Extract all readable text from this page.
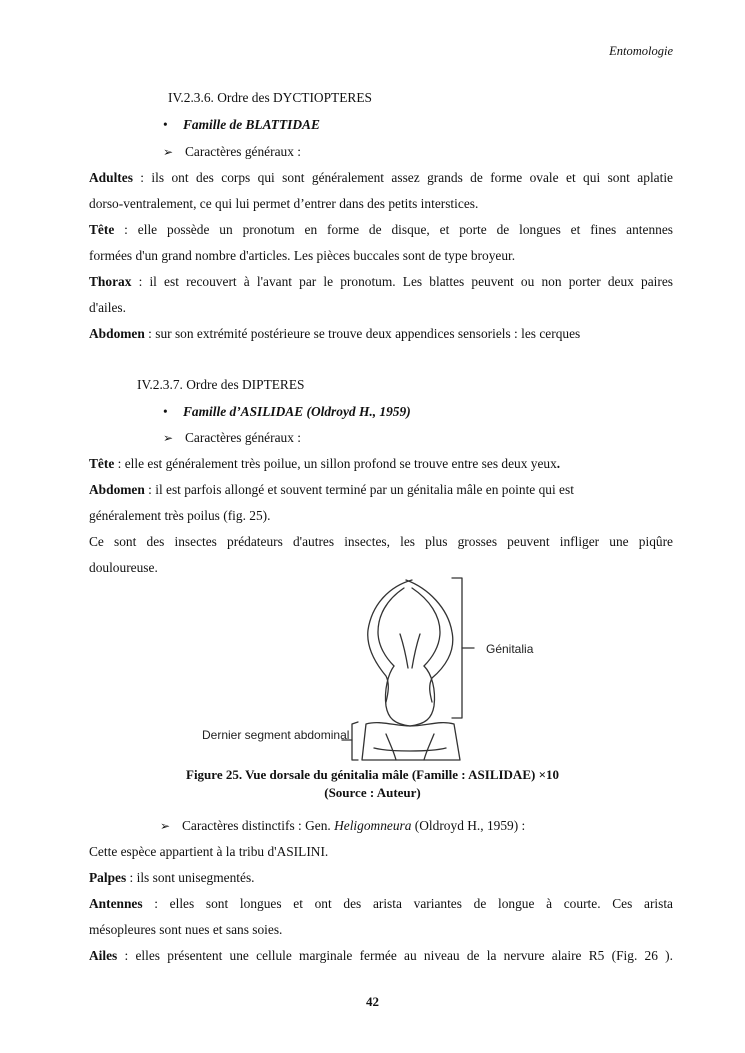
Entomologie
IV.2.3.6. Ordre des DYCTIOPTERES
• Famille de BLATTIDAE
➢ Caractères généraux :
Adultes : ils ont des corps qui sont généralement assez grands de forme ovale et qui sont aplatie
dorso-ventralement, ce qui lui permet d’entrer dans des petits interstices.
Tête : elle possède un pronotum en forme de disque, et porte de longues et fines antennes
formées d'un grand nombre d'articles. Les pièces buccales sont de type broyeur.
Thorax : il est recouvert à l'avant par le pronotum. Les blattes peuvent ou non porter deux paires
d'ailes.
Abdomen : sur son extrémité postérieure se trouve deux appendices sensoriels : les cerques
IV.2.3.7. Ordre des DIPTERES
• Famille d’ASILIDAE (Oldroyd H., 1959)
➢ Caractères généraux :
Tête : elle est généralement très poilue, un sillon profond se trouve entre ses deux yeux.
Abdomen : il est parfois allongé et souvent terminé par un génitalia mâle en pointe qui est
généralement très poilus (fig. 25).
Ce sont des insectes prédateurs d'autres insectes, les plus grosses peuvent infliger une piqûre
douloureuse.
Génitalia
Dernier segment abdominal
Figure 25. Vue dorsale du génitalia mâle (Famille : ASILIDAE) ×10
(Source : Auteur)
➢ Caractères distinctifs : Gen. Heligomneura (Oldroyd H., 1959) :
Cette espèce appartient à la tribu d'ASILINI.
Palpes : ils sont unisegmentés.
Antennes : elles sont longues et ont des arista variantes de longue à courte. Ces arista
mésopleures sont nues et sans soies.
Ailes : elles présentent une cellule marginale fermée au niveau de la nervure alaire R5 (Fig. 26 ).
42
